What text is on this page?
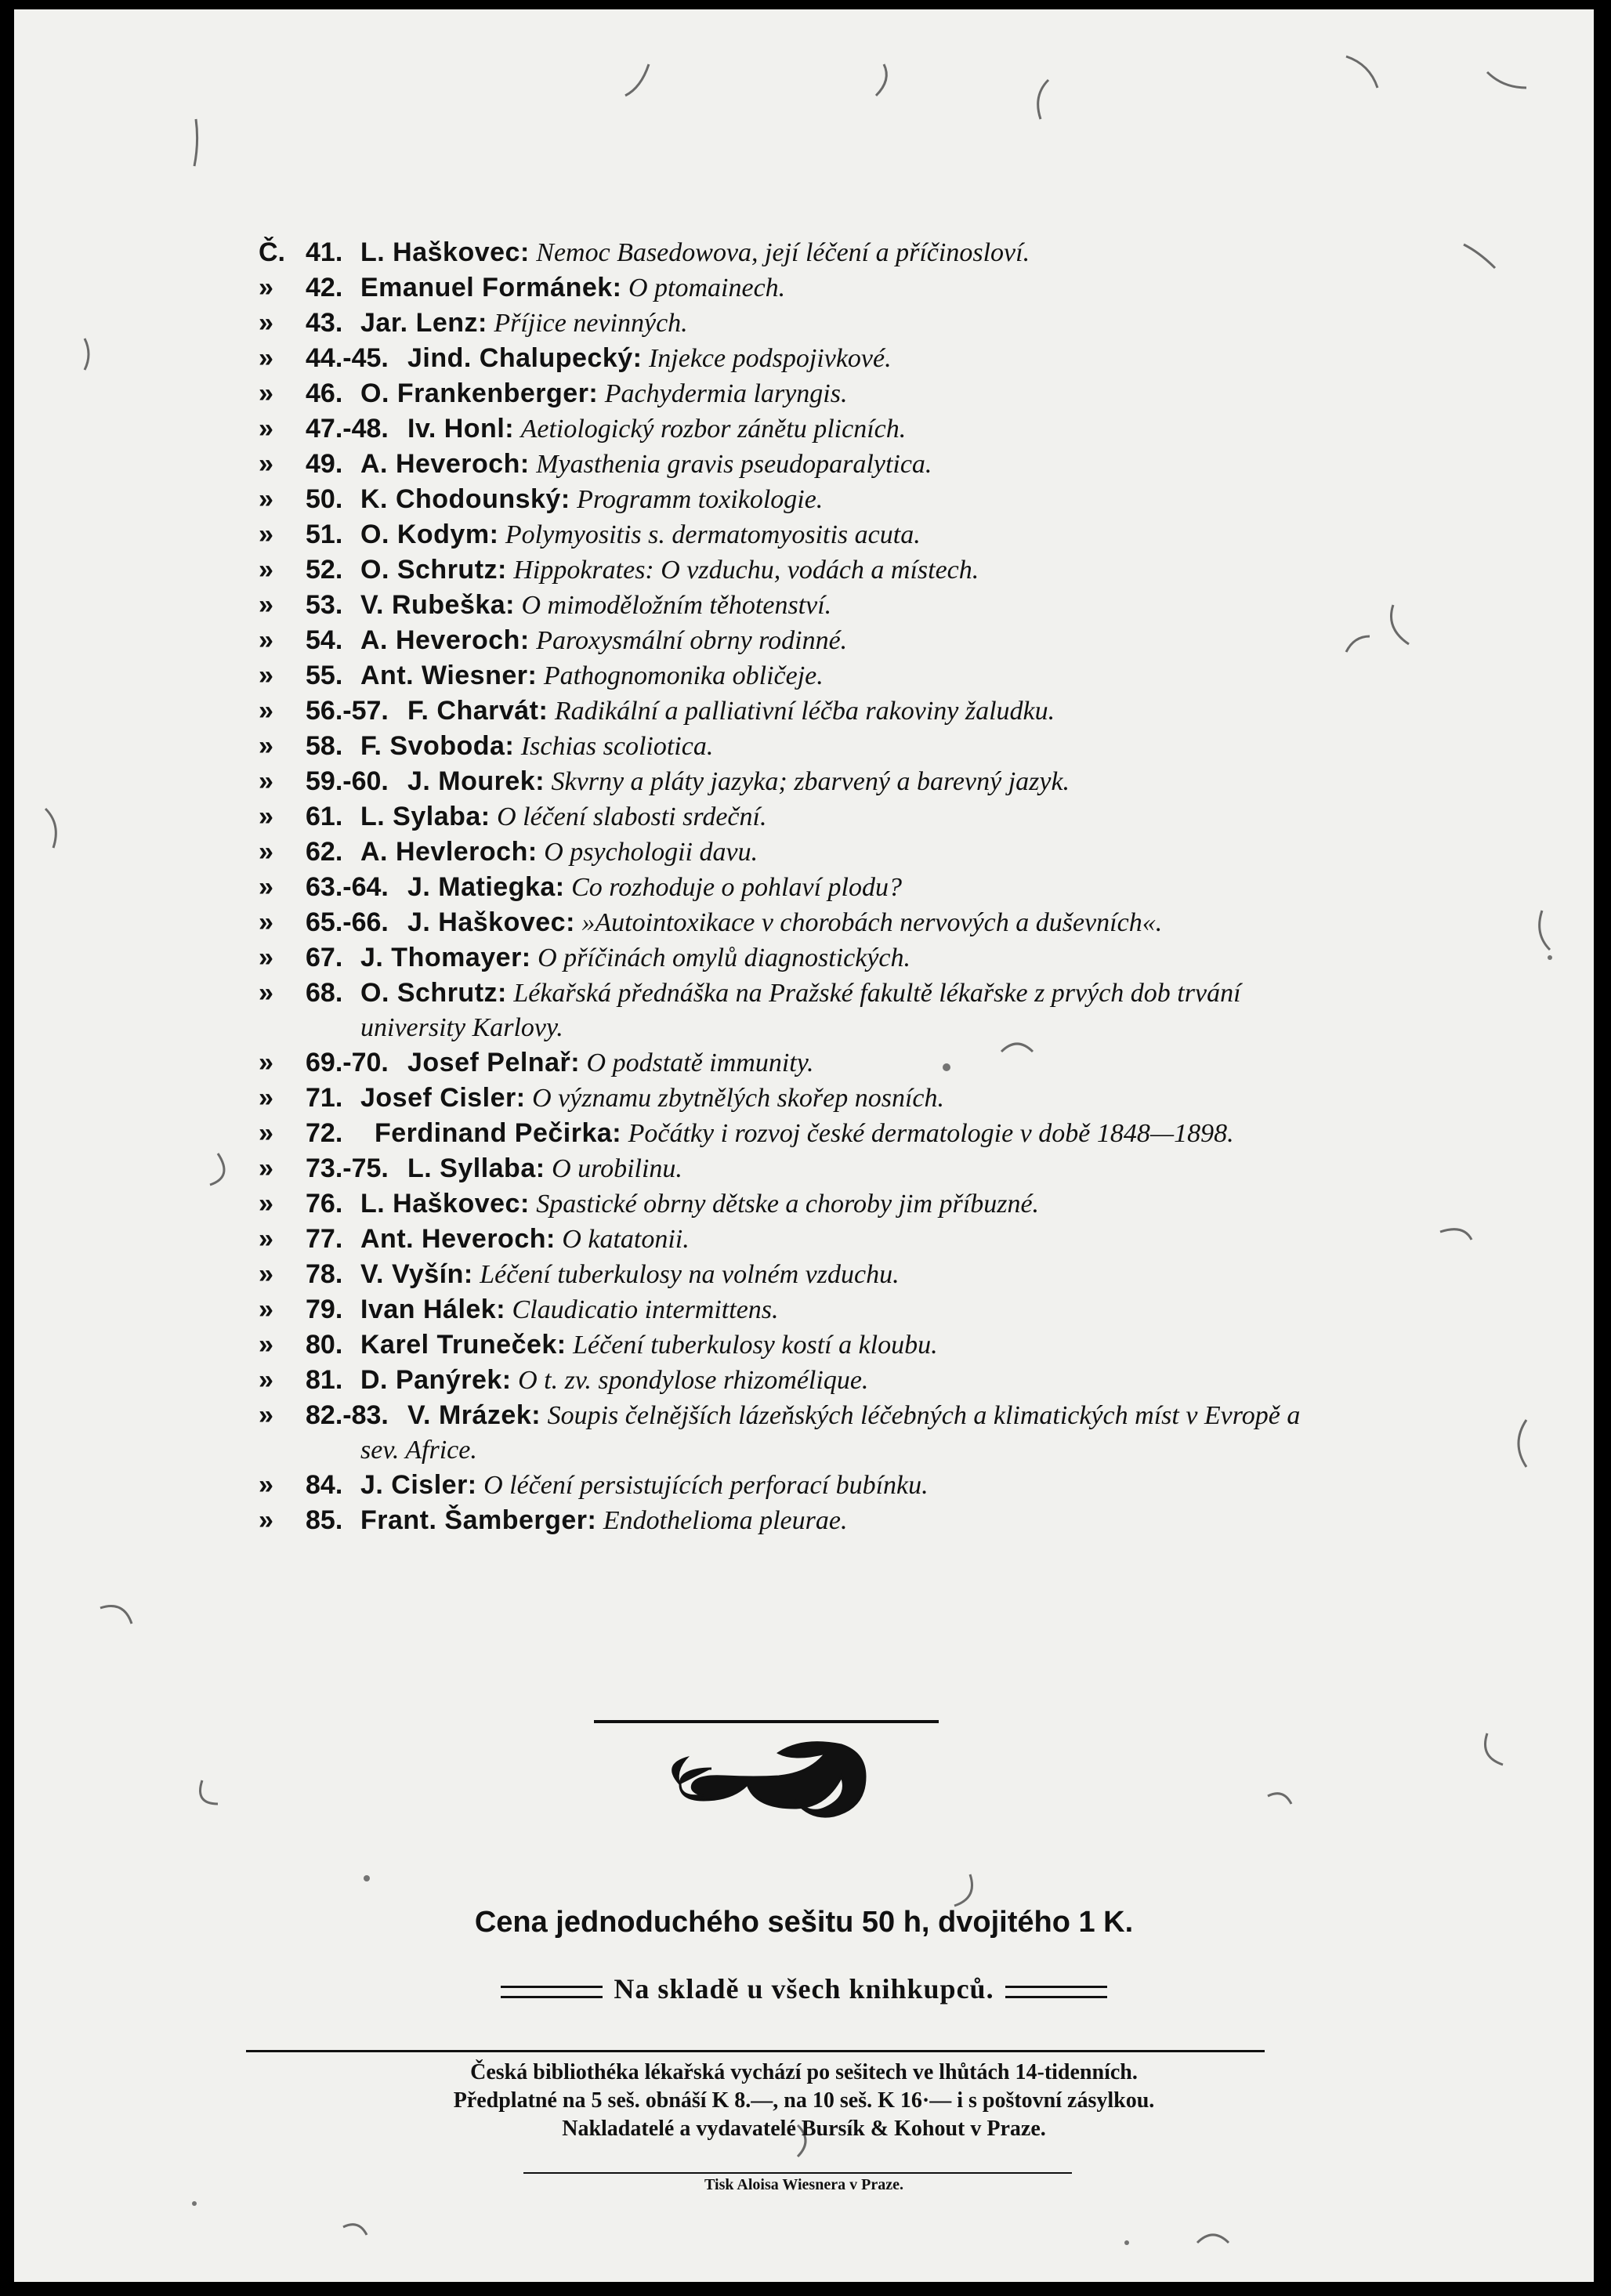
Č. 41. L. Haškovec: Nemoc Basedowova, její léčení a příčinosloví.
»	42. Emanuel Formánek: O ptomainech.
»	43. Jar. Lenz: Příjice nevinných.
»	44.-45. Jind. Chalupecký: Injekce podspojivkové.
»	46. O. Frankenberger: Pachydermia laryngis.
»	47.-48. Iv. Honl: Aetiologický rozbor zánětu plicních.
»	49. A. Heveroch: Myasthenia gravis pseudoparalytica.
»	50. K. Chodounský: Programm toxikologie.
»	51. O. Kodym: Polymyositis s. dermatomyositis acuta.
»	52. O. Schrutz: Hippokrates: O vzduchu, vodách a místech.
»	53. V. Rubeška: O mimoděložním těhotenství.
»	54. A. Heveroch: Paroxysmální obrny rodinné.
»	55. Ant. Wiesner: Pathognomonika obličeje.
»	56.-57. F. Charvát: Radikální a palliativní léčba rakoviny žaludku.
»	58. F. Svoboda: Ischias scoliotica.
»	59.-60. J. Mourek: Skvrny a pláty jazyka; zbarvený a barevný jazyk.
»	61. L. Sylaba: O léčení slabosti srdeční.
»	62. A. Hevleroch: O psychologii davu.
»	63.-64. J. Matiegka: Co rozhoduje o pohlaví plodu?
»	65.-66. J. Haškovec: »Autointoxikace v chorobách nervových a duševních«.
»	67. J. Thomayer: O příčinách omylů diagnostických.
»	68. O. Schrutz: Lékařská přednáška na Pražské fakultě lékařske z prvých dob trvání university Karlovy.
»	69.-70. Josef Pelnař: O podstatě immunity.
»	71. Josef Cisler: O významu zbytnělých skořep nosních.
»	72. Ferdinand Pečirka: Počátky i rozvoj české dermatologie v době 1848—1898.
»	73.-75. L. Syllaba: O urobilinu.
»	76. L. Haškovec: Spastické obrny dětske a choroby jim příbuzné.
»	77. Ant. Heveroch: O katatonii.
»	78. V. Vyšín: Léčení tuberkulosy na volném vzduchu.
»	79. Ivan Hálek: Claudicatio intermittens.
»	80. Karel Truneček: Léčení tuberkulosy kostí a kloubu.
»	81. D. Panýrek: O t. zv. spondylose rhizomélique.
»	82.-83. V. Mrázek: Soupis čelnějších lázeňských léčebných a klimatických míst v Evropě a sev. Africe.
»	84. J. Cisler: O léčení persistujících perforací bubínku.
»	85. Frant. Šamberger: Endothelioma pleurae.
Cena jednoduchého sešitu 50 h, dvojitého 1 K.
Na skladě u všech knihkupců.
Česká bibliothéka lékařská vychází po sešitech ve lhůtách 14-tidenních.
Předplatné na 5 seš. obnáší K 8.—, na 10 seš. K 16·— i s poštovní zásylkou.
Nakladatelé a vydavatelé Bursík & Kohout v Praze.
Tisk Aloisa Wiesnera v Praze.
